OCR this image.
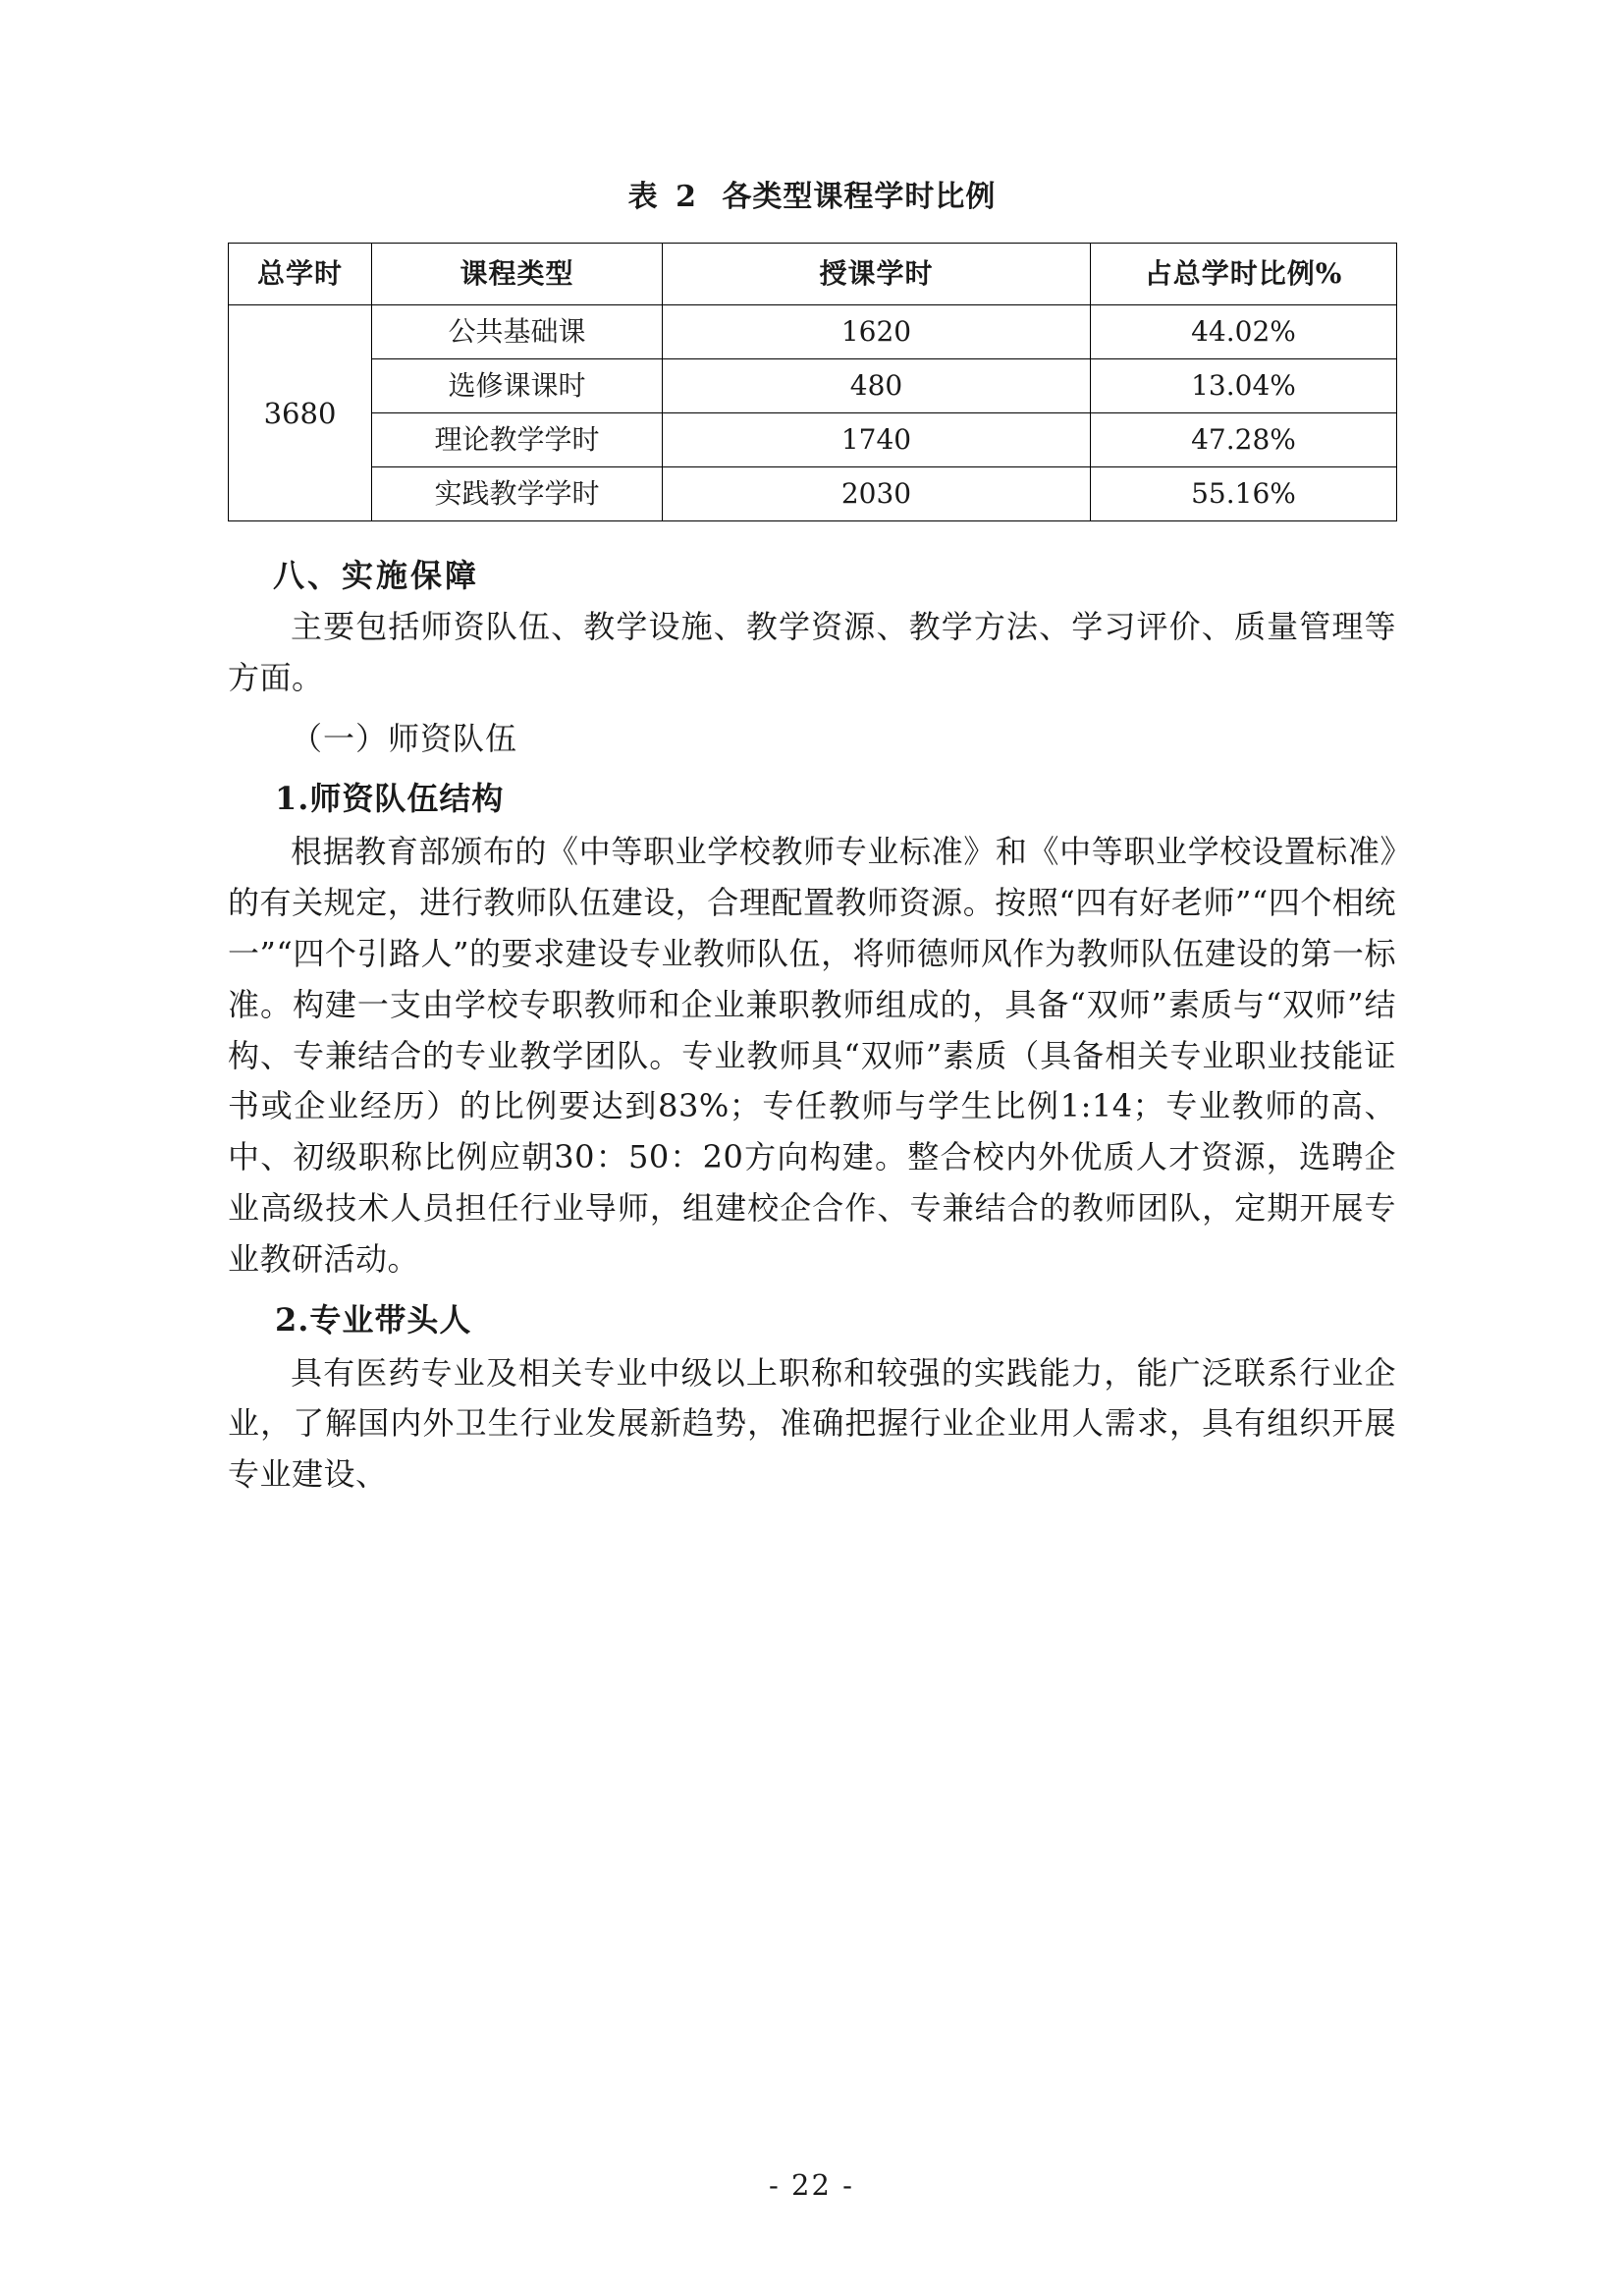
表 2 各类型课程学时比例
总学时	课程类型	授课学时	占总学时比例%
3680	公共基础课	1620	44.02%
	选修课课时	480	13.04%
	理论教学学时	1740	47.28%
	实践教学学时	2030	55.16%
八、实施保障

主要包括师资队伍、教学设施、教学资源、教学方法、学习评价、质量管理等方面。

（一）师资队伍

1.师资队伍结构

根据教育部颁布的《中等职业学校教师专业标准》和《中等职业学校设置标准》的有关规定，进行教师队伍建设，合理配置教师资源。按照“四有好老师”“四个相统一”“四个引路人”的要求建设专业教师队伍，将师德师风作为教师队伍建设的第一标准。构建一支由学校专职教师和企业兼职教师组成的，具备“双师”素质与“双师”结构、专兼结合的专业教学团队。专业教师具“双师”素质（具备相关专业职业技能证书或企业经历）的比例要达到83%；专任教师与学生比例1:14；专业教师的高、中、初级职称比例应朝30：50：20方向构建。整合校内外优质人才资源，选聘企业高级技术人员担任行业导师，组建校企合作、专兼结合的教师团队，定期开展专业教研活动。

2.专业带头人

具有医药专业及相关专业中级以上职称和较强的实践能力，能广泛联系行业企业，了解国内外卫生行业发展新趋势，准确把握行业企业用人需求，具有组织开展专业建设、

- 22 -
